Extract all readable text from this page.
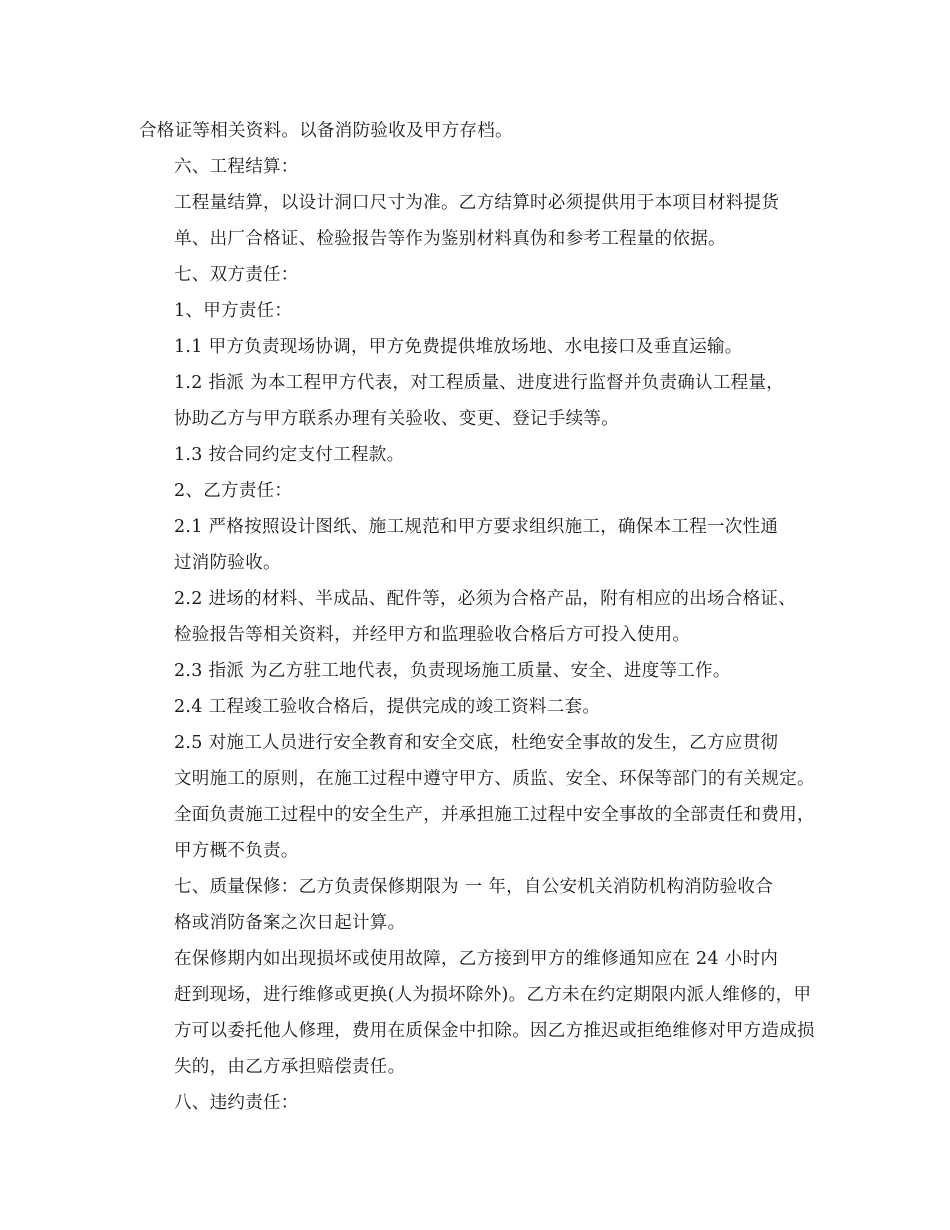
合格证等相关资料。以备消防验收及甲方存档。
六、工程结算：
工程量结算，以设计洞口尺寸为准。乙方结算时必须提供用于本项目材料提货
单、出厂合格证、检验报告等作为鉴别材料真伪和参考工程量的依据。
七、双方责任：
1、甲方责任：
1.1 甲方负责现场协调，甲方免费提供堆放场地、水电接口及垂直运输。
1.2 指派 为本工程甲方代表，对工程质量、进度进行监督并负责确认工程量，
协助乙方与甲方联系办理有关验收、变更、登记手续等。
1.3 按合同约定支付工程款。
2、乙方责任：
2.1 严格按照设计图纸、施工规范和甲方要求组织施工，确保本工程一次性通
过消防验收。
2.2 进场的材料、半成品、配件等，必须为合格产品，附有相应的出场合格证、
检验报告等相关资料，并经甲方和监理验收合格后方可投入使用。
2.3 指派 为乙方驻工地代表，负责现场施工质量、安全、进度等工作。
2.4 工程竣工验收合格后，提供完成的竣工资料二套。
2.5 对施工人员进行安全教育和安全交底，杜绝安全事故的发生，乙方应贯彻
文明施工的原则，在施工过程中遵守甲方、质监、安全、环保等部门的有关规定。
全面负责施工过程中的安全生产，并承担施工过程中安全事故的全部责任和费用，
甲方概不负责。
七、质量保修：乙方负责保修期限为 一 年，自公安机关消防机构消防验收合
格或消防备案之次日起计算。
在保修期内如出现损坏或使用故障，乙方接到甲方的维修通知应在 24 小时内
赶到现场，进行维修或更换(人为损坏除外)。乙方未在约定期限内派人维修的，甲
方可以委托他人修理，费用在质保金中扣除。因乙方推迟或拒绝维修对甲方造成损
失的，由乙方承担赔偿责任。
八、违约责任：
